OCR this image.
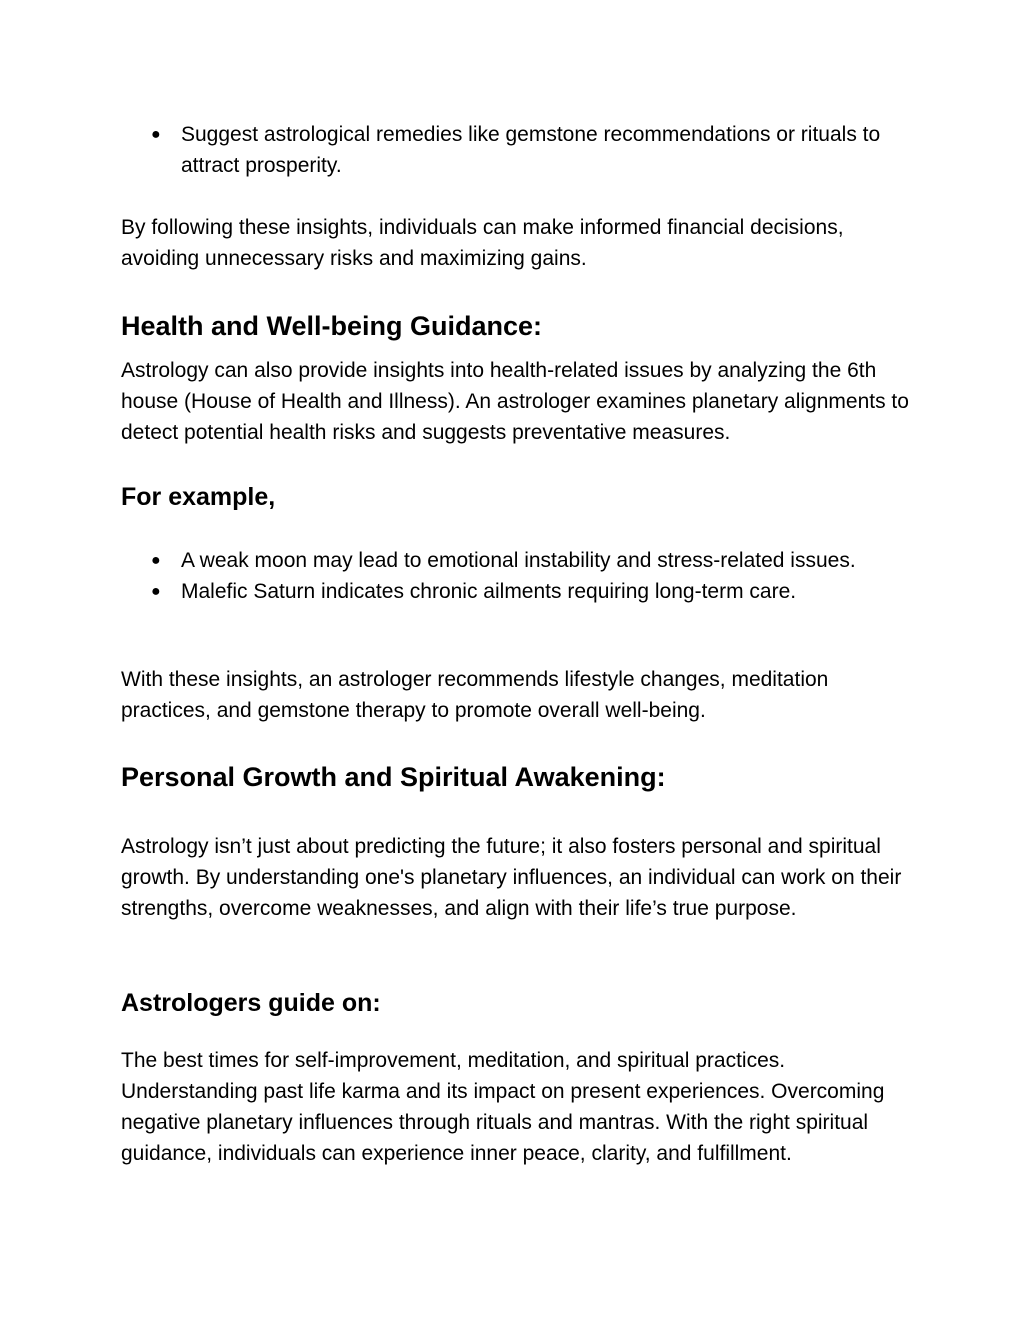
● Suggest astrological remedies like gemstone recommendations or rituals to attract prosperity.

By following these insights, individuals can make informed financial decisions, avoiding unnecessary risks and maximizing gains.

Health and Well-being Guidance:

Astrology can also provide insights into health-related issues by analyzing the 6th house (House of Health and Illness). An astrologer examines planetary alignments to detect potential health risks and suggests preventative measures.

For example,
● A weak moon may lead to emotional instability and stress-related issues.
● Malefic Saturn indicates chronic ailments requiring long-term care.

With these insights, an astrologer recommends lifestyle changes, meditation practices, and gemstone therapy to promote overall well-being.

Personal Growth and Spiritual Awakening:

Astrology isn’t just about predicting the future; it also fosters personal and spiritual growth. By understanding one's planetary influences, an individual can work on their strengths, overcome weaknesses, and align with their life’s true purpose.

Astrologers guide on:

The best times for self-improvement, meditation, and spiritual practices. Understanding past life karma and its impact on present experiences. Overcoming negative planetary influences through rituals and mantras. With the right spiritual guidance, individuals can experience inner peace, clarity, and fulfillment.
